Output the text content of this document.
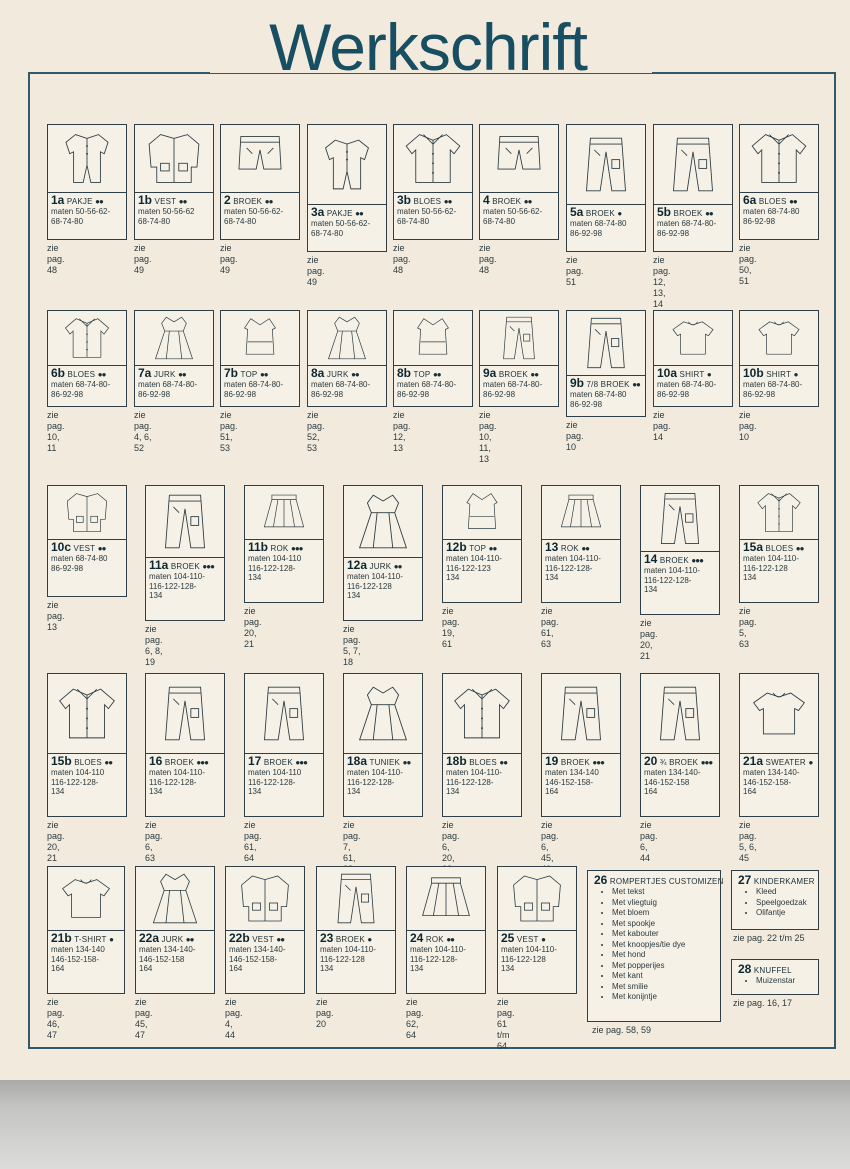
Werkschrift
1a PAKJE ●●
maten 50-56-62-
68-74-80
zie pag. 48
1b VEST ●●
maten 50-56-62
68-74-80
zie pag. 49
2 BROEK ●●
maten 50-56-62-
68-74-80
zie pag. 49
3a PAKJE ●●
maten 50-56-62-
68-74-80
zie pag. 49
3b BLOES ●●
maten 50-56-62-
68-74-80
zie pag. 48
4 BROEK ●●
maten 50-56-62-
68-74-80
zie pag. 48
5a BROEK ●
maten 68-74-80
86-92-98
zie pag. 51
5b BROEK ●●
maten 68-74-80-
86-92-98
zie pag. 12, 13, 14
6a BLOES ●●
maten 68-74-80
86-92-98
zie pag. 50, 51
6b BLOES ●●
maten 68-74-80-
86-92-98
zie pag. 10, 11
7a JURK ●●
maten 68-74-80-
86-92-98
zie pag. 4, 6, 52
7b TOP ●●
maten 68-74-80-
86-92-98
zie pag. 51, 53
8a JURK ●●
maten 68-74-80-
86-92-98
zie pag. 52, 53
8b TOP ●●
maten 68-74-80-
86-92-98
zie pag. 12, 13
9a BROEK ●●
maten 68-74-80-
86-92-98
zie pag. 10, 11, 13
9b 7/8 BROEK ●●
maten 68-74-80
86-92-98
zie pag. 10
10a SHIRT ●
maten 68-74-80-
86-92-98
zie pag. 14
10b SHIRT ●
maten 68-74-80-
86-92-98
zie pag. 10
10c VEST ●●
maten 68-74-80
86-92-98
zie pag. 13
11a BROEK ●●●
maten 104-110-
116-122-128-
134
zie pag. 6, 8, 19
11b ROK ●●●
maten 104-110
116-122-128-
134
zie pag. 20, 21
12a JURK ●●
maten 104-110-
116-122-128
134
zie pag. 5, 7, 18
12b TOP ●●
maten 104-110-
116-122-123
134
zie pag. 19, 61
13 ROK ●●
maten 104-110-
116-122-128-
134
zie pag. 61, 63
14 BROEK ●●●
maten 104-110-
116-122-128-
134
zie pag. 20, 21
15a BLOES ●●
maten 104-110-
116-122-128
134
zie pag. 5, 63
15b BLOES ●●
maten 104-110
116-122-128-
134
zie pag. 20, 21
16 BROEK ●●●
maten 104-110-
116-122-128-
134
zie pag. 6, 63
17 BROEK ●●●
maten 104-110
116-122-128-
134
zie pag. 61, 64
18a TUNIEK ●●
maten 104-110-
116-122-128-
134
zie pag. 7, 61,

18b BLOES ●●
maten 104-110-
116-122-128-
134
zie pag. 6, 20,
19 BROEK ●●●
maten 134-140
146-152-158-
164
zie pag. 6, 45,

20 ¾ BROEK ●●●
maten 134-140-
146-152-158
164
zie pag. 6, 44
21a SWEATER ●
maten 134-140-
146-152-158-
164
zie pag. 5, 6, 45
21b T-SHIRT ●
maten 134-140
146-152-158-
164
zie pag. 46, 47
22a JURK ●●
maten 134-140-
146-152-158
164
zie pag. 45, 47
22b VEST ●●
maten 134-140-
146-152-158-
164
zie pag. 4, 44
23 BROEK ●
maten 104-110-
116-122-128
134
zie pag. 20
24 ROK ●●
maten 104-110-
116-122-128-
134
zie pag. 62, 64
25 VEST ●
maten 104-110-
116-122-128
134
zie pag. 61 t/m 64
26 ROMPERTJES CUSTOMIZEN
• Met tekst
• Met vliegtuig
• Met bloem
• Met spookje
• Met kabouter
• Met knoopjes/tie dye
• Met hond
• Met popperijes
• Met kant
• Met smilie
• Met konijntje
zie pag. 58, 59
27 KINDERKAMER
• Kleed
• Speelgoedzak
• Olifantje
zie pag. 22 t/m 25
28 KNUFFEL
• Muizenstar
zie pag. 16, 17
